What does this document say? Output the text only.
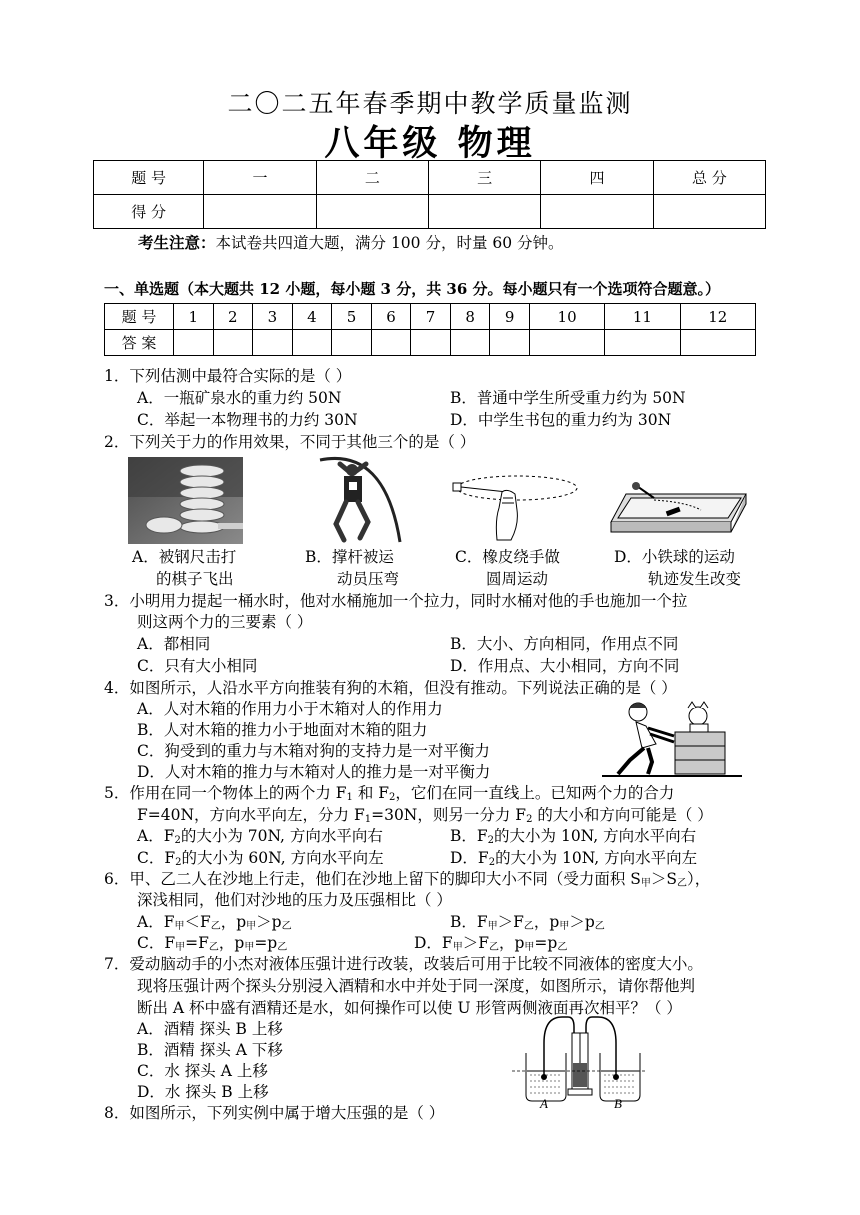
二〇二五年春季期中教学质量监测
八年级 物理
题 号	一	二	三	四	总 分
得 分					
考生注意：本试卷共四道大题，满分 100 分，时量 60 分钟。
一、单选题（本大题共 12 小题，每小题 3 分，共 36 分。每小题只有一个选项符合题意。）
题 号	1	2	3	4	5	6	7	8	9	10	11	12
答 案												
1．下列估测中最符合实际的是（ ）
A．一瓶矿泉水的重力约 50N	B．普通中学生所受重力约为 50N
C．举起一本物理书的力约 30N	D．中学生书包的重力约为 30N
2．下列关于力的作用效果，不同于其他三个的是（ ）
A．被钢尺击打
的棋子飞出
B．撑杆被运
动员压弯
C．橡皮绕手做
圆周运动
D．小铁球的运动
轨迹发生改变
3．小明用力提起一桶水时，他对水桶施加一个拉力，同时水桶对他的手也施加一个拉
则这两个力的三要素（ ）
A．都相同	B．大小、方向相同，作用点不同
C．只有大小相同	D．作用点、大小相同，方向不同
4．如图所示，人沿水平方向推装有狗的木箱，但没有推动。下列说法正确的是（ ）
A．人对木箱的作用力小于木箱对人的作用力
B．人对木箱的推力小于地面对木箱的阻力
C．狗受到的重力与木箱对狗的支持力是一对平衡力
D．人对木箱的推力与木箱对人的推力是一对平衡力
5．作用在同一个物体上的两个力 $F_1$ 和 $F_2$，它们在同一直线上。已知两个力的合力
F=40N，方向水平向左，分力 $F_1=30N$，则另一分力 $F_2$ 的大小和方向可能是（ ）
A．$F_2$的大小为 70N, 方向水平向右	B．$F_2$的大小为 10N, 方向水平向右
C．$F_2$的大小为 60N, 方向水平向左	D．$F_2$的大小为 10N, 方向水平向左
6．甲、乙二人在沙地上行走，他们在沙地上留下的脚印大小不同（受力面积 $S_甲>S_乙$），
深浅相同，他们对沙地的压力及压强相比（ ）
A．$F_甲<F_乙$，$p_甲>p_乙$	B．$F_甲>F_乙$，$p_甲>p_乙$
C．$F_甲=F_乙$，$p_甲=p_乙$	D．$F_甲>F_乙$，$p_甲=p_乙$
7．爱动脑动手的小杰对液体压强计进行改装，改装后可用于比较不同液体的密度大小。
现将压强计两个探头分别浸入酒精和水中并处于同一深度，如图所示，请你帮他判
断出 A 杯中盛有酒精还是水，如何操作可以使 U 形管两侧液面再次相平？（ ）
A．酒精 探头 B 上移
B．酒精 探头 A 下移
C．水 探头 A 上移
D．水 探头 B 上移
A	B
8．如图所示，下列实例中属于增大压强的是（ ）
